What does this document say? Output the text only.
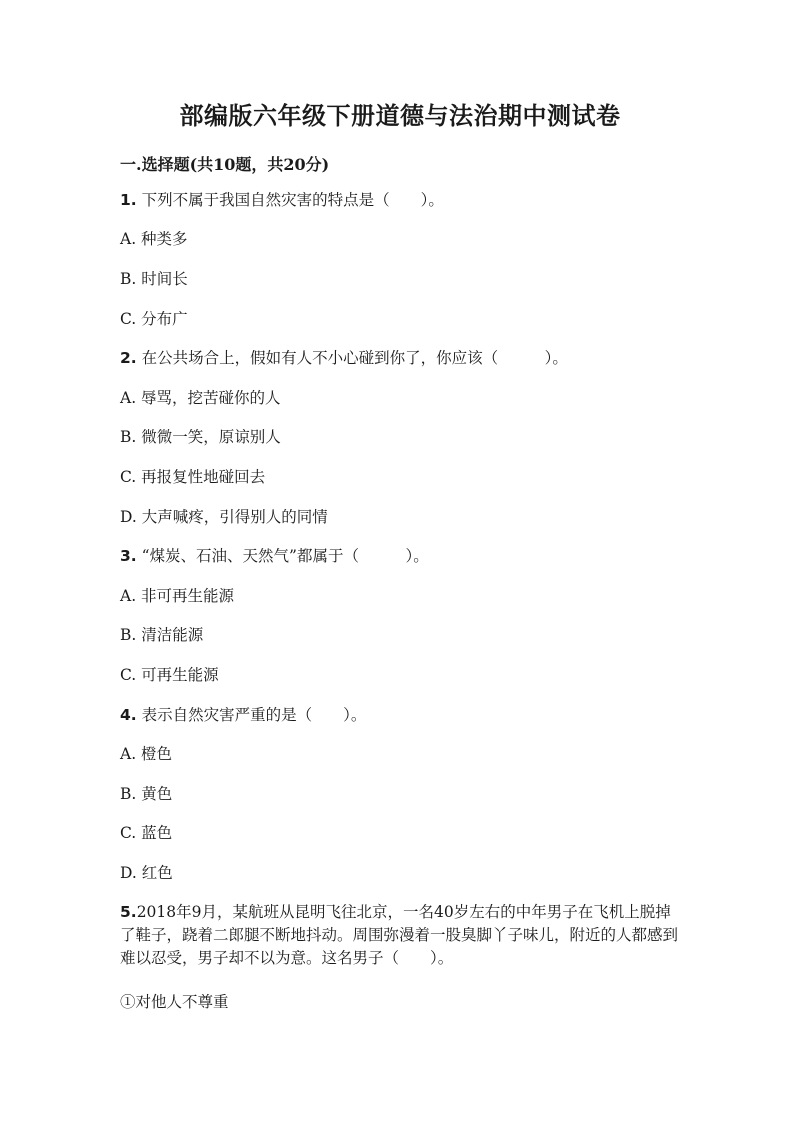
部编版六年级下册道德与法治期中测试卷
一.选择题(共10题，共20分)
1. 下列不属于我国自然灾害的特点是（　　）。
A. 种类多
B. 时间长
C. 分布广
2. 在公共场合上，假如有人不小心碰到你了，你应该（　　　）。
A. 辱骂，挖苦碰你的人
B. 微微一笑，原谅别人
C. 再报复性地碰回去
D. 大声喊疼，引得别人的同情
3. “煤炭、石油、天然气”都属于（　　　）。
A. 非可再生能源
B. 清洁能源
C. 可再生能源
4. 表示自然灾害严重的是（　　）。
A. 橙色
B. 黄色
C. 蓝色
D. 红色
5.2018年9月，某航班从昆明飞往北京，一名40岁左右的中年男子在飞机上脱掉了鞋子，跷着二郎腿不断地抖动。周围弥漫着一股臭脚丫子味儿，附近的人都感到难以忍受，男子却不以为意。这名男子（　　）。
①对他人不尊重
